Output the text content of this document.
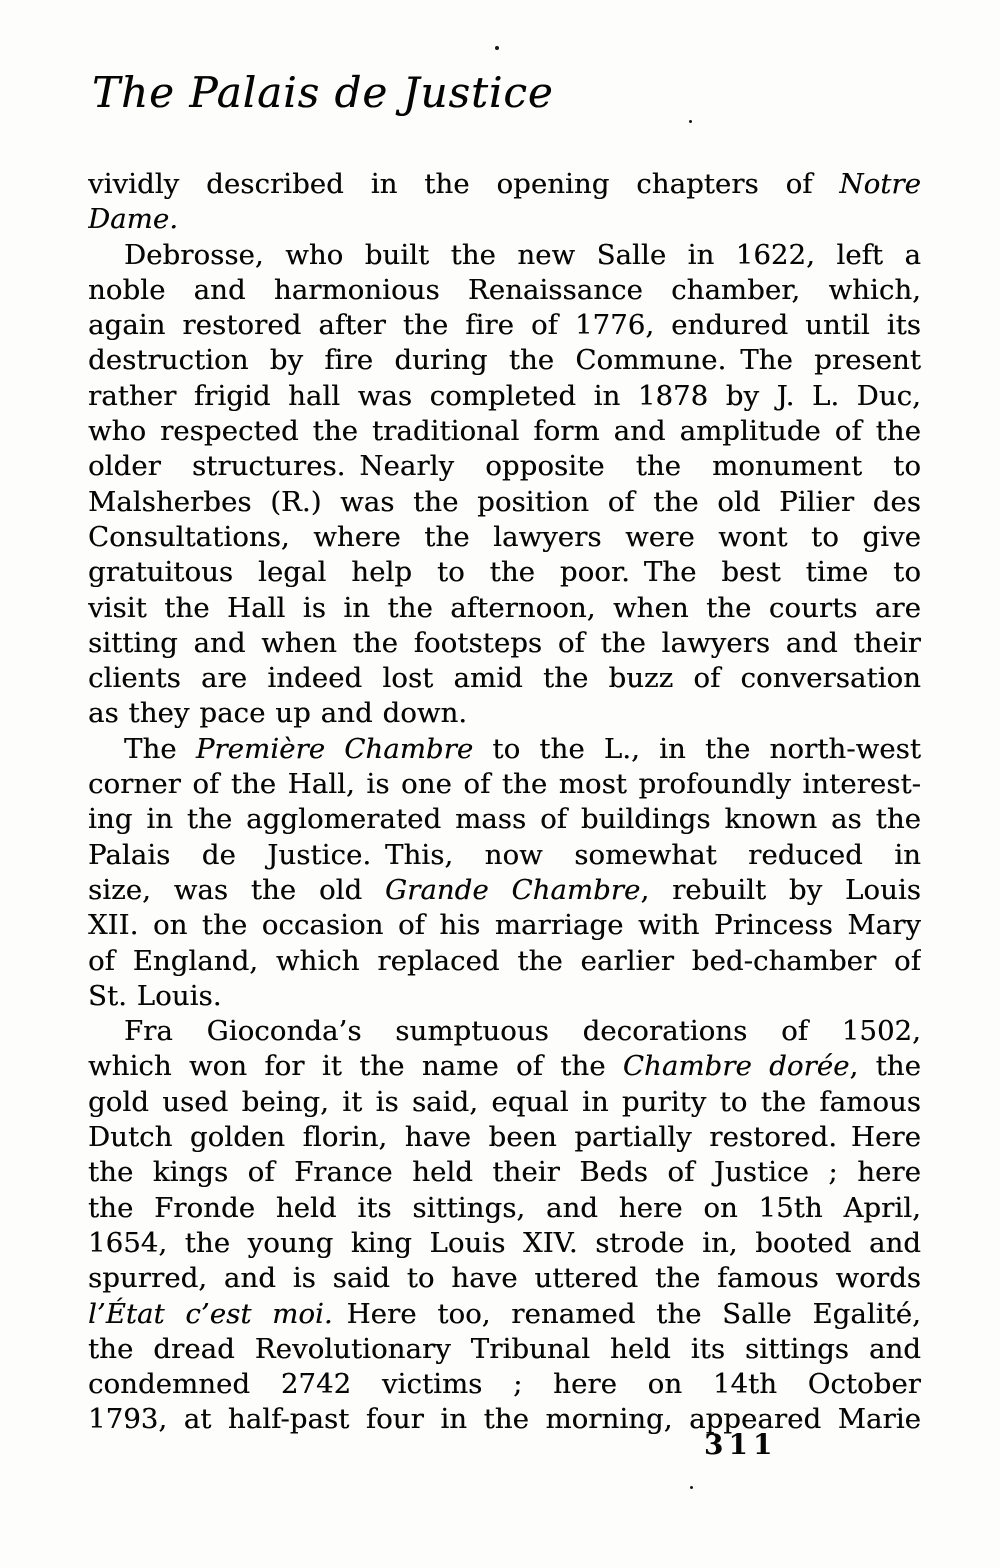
The Palais de Justice
vividly described in the opening chapters of Notre
Dame.
Debrosse, who built the new Salle in 1622, left a
noble and harmonious Renaissance chamber, which,
again restored after the fire of 1776, endured until its
destruction by fire during the Commune. The present
rather frigid hall was completed in 1878 by J. L. Duc,
who respected the traditional form and amplitude of the
older structures. Nearly opposite the monument to
Malsherbes (R.) was the position of the old Pilier des
Consultations, where the lawyers were wont to give
gratuitous legal help to the poor. The best time to
visit the Hall is in the afternoon, when the courts are
sitting and when the footsteps of the lawyers and their
clients are indeed lost amid the buzz of conversation
as they pace up and down.
The Première Chambre to the L., in the north-west
corner of the Hall, is one of the most profoundly interest-
ing in the agglomerated mass of buildings known as the
Palais de Justice. This, now somewhat reduced in
size, was the old Grande Chambre, rebuilt by Louis
XII. on the occasion of his marriage with Princess Mary
of England, which replaced the earlier bed-chamber of
St. Louis.
Fra Gioconda’s sumptuous decorations of 1502,
which won for it the name of the Chambre dorée, the
gold used being, it is said, equal in purity to the famous
Dutch golden florin, have been partially restored. Here
the kings of France held their Beds of Justice ; here
the Fronde held its sittings, and here on 15th April,
1654, the young king Louis XIV. strode in, booted and
spurred, and is said to have uttered the famous words
l’État c’est moi. Here too, renamed the Salle Egalité,
the dread Revolutionary Tribunal held its sittings and
condemned 2742 victims ; here on 14th October
1793, at half-past four in the morning, appeared Marie
311
